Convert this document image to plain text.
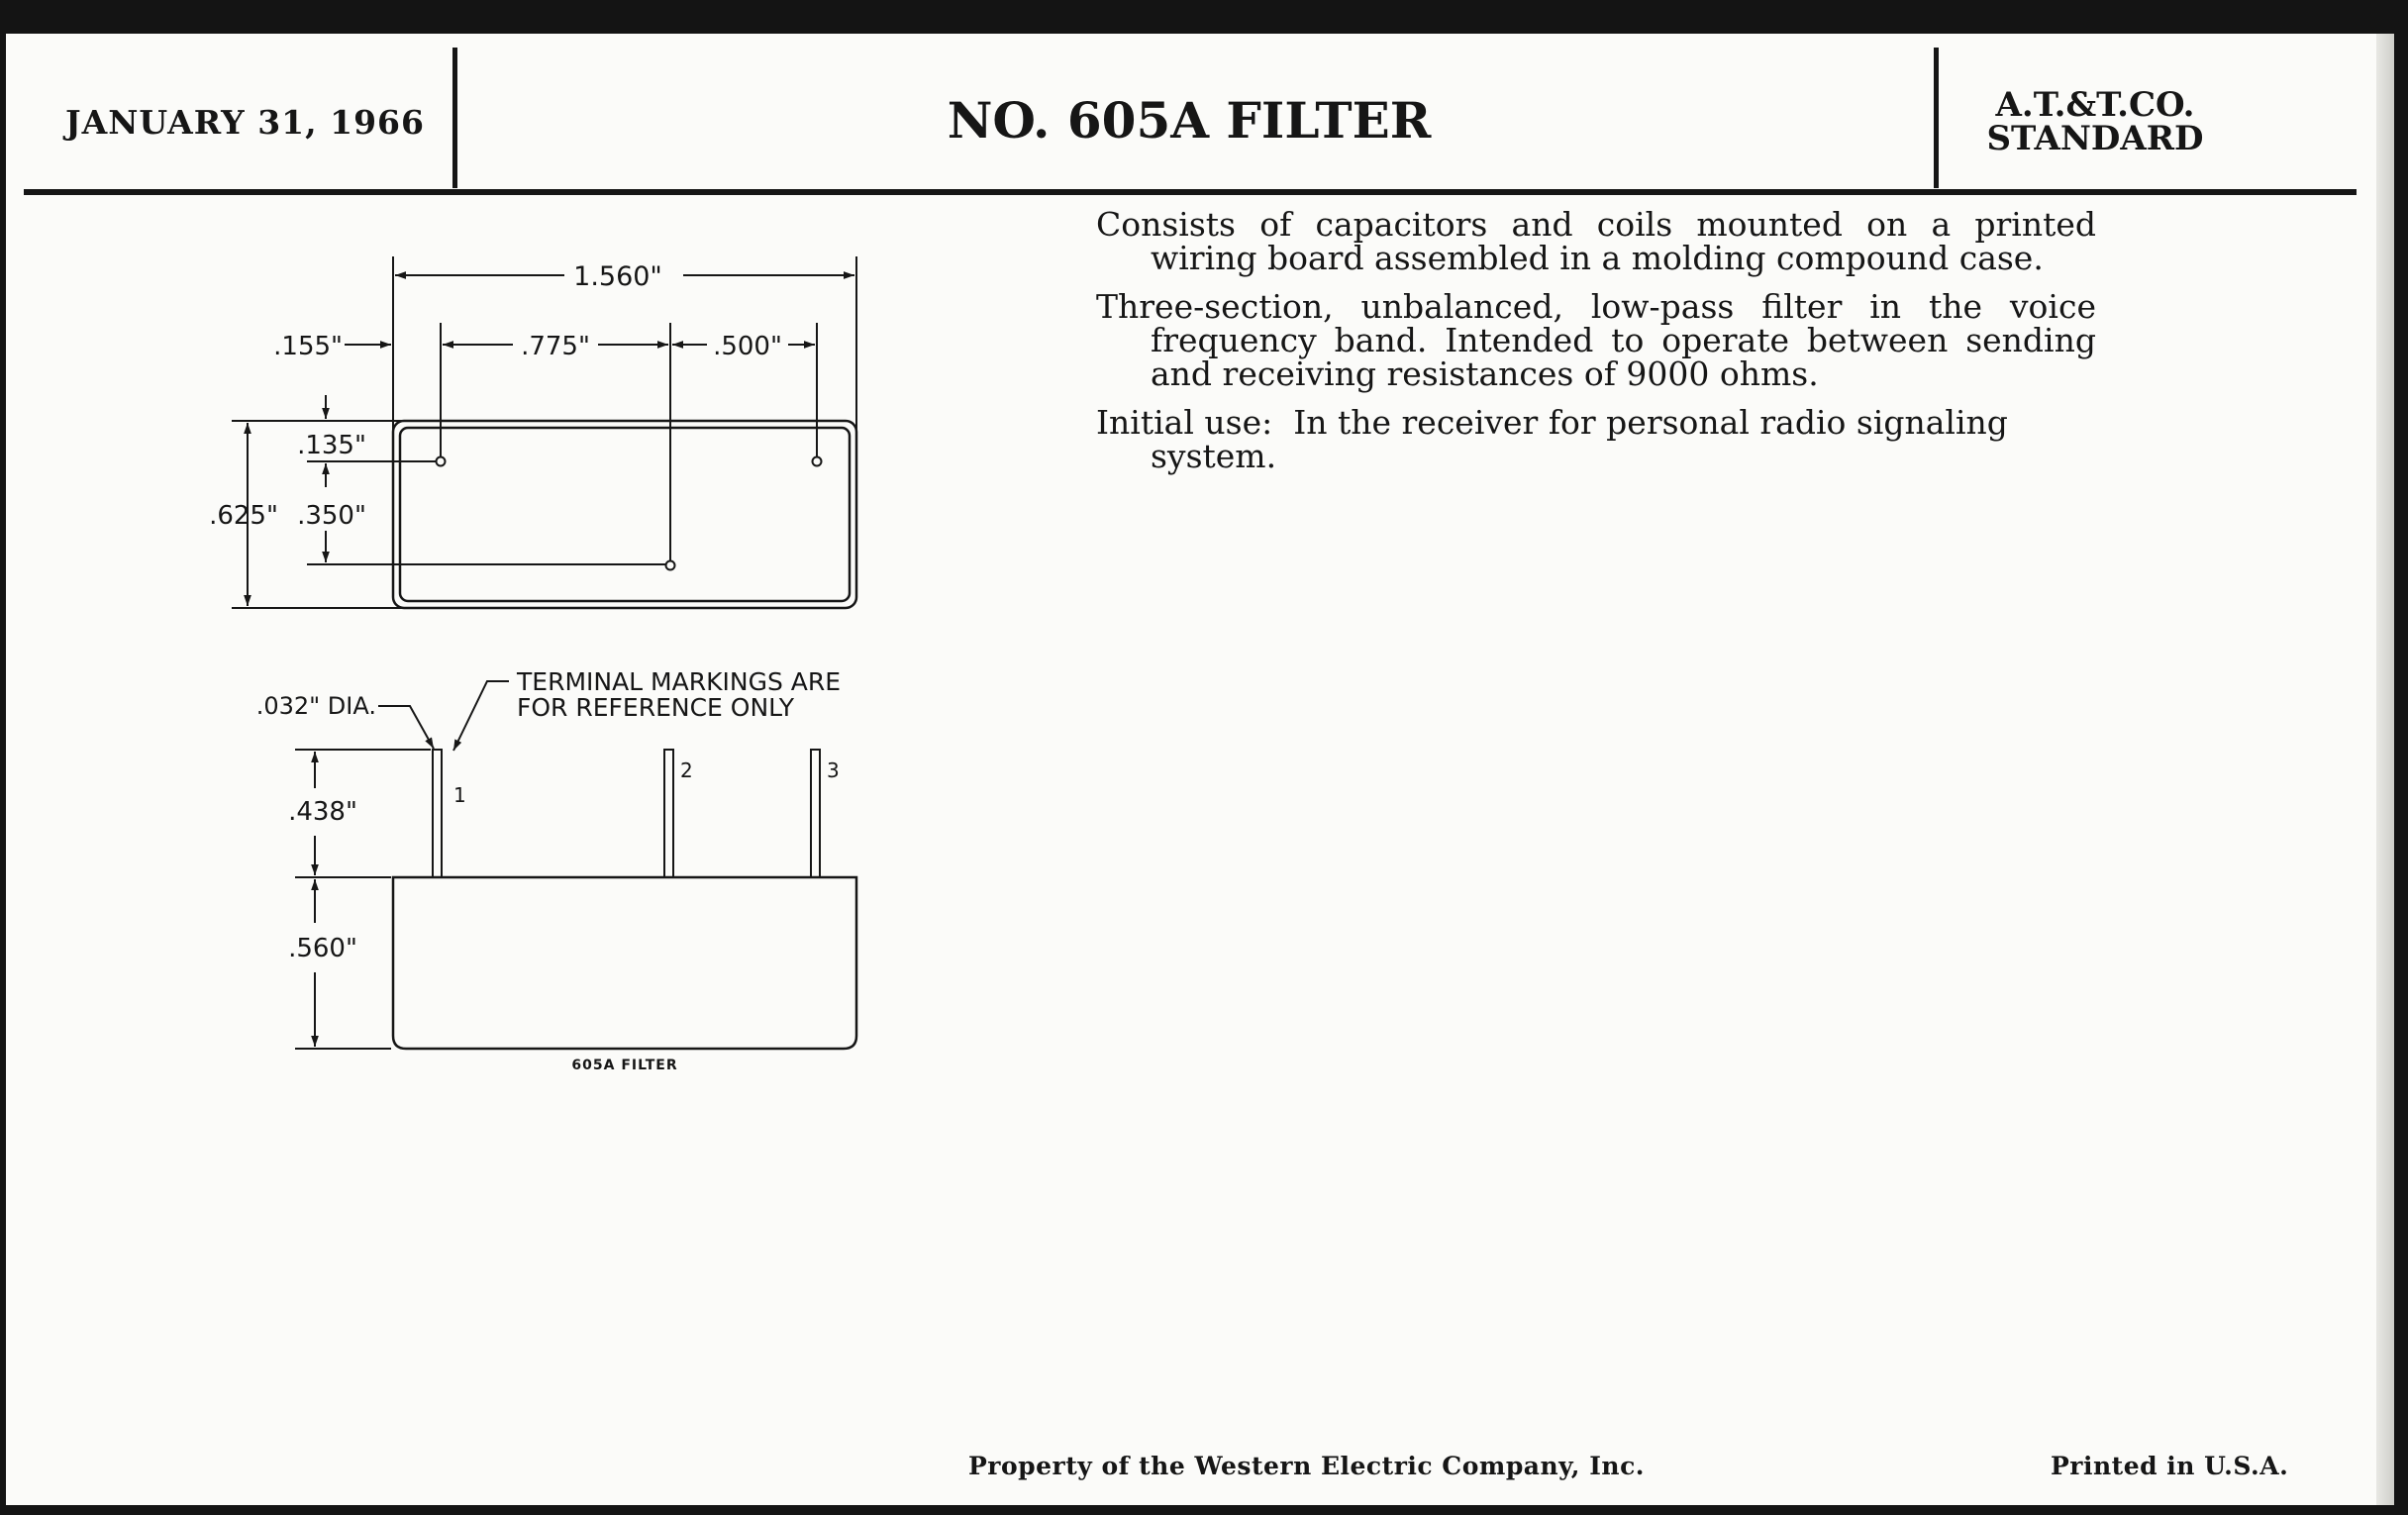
JANUARY 31, 1966	NO. 605A FILTER	A.T.&T.CO.
STANDARD

Consists of capacitors and coils mounted on a printed wiring board assembled in a molding compound case.

Three-section, unbalanced, low-pass filter in the voice frequency band. Intended to operate between sending and receiving resistances of 9000 ohms.

Initial use: In the receiver for personal radio signaling system.

1.560"
.155"	.775"	.500"
.135"
.350"
.625"
.032" DIA.
TERMINAL MARKINGS ARE
FOR REFERENCE ONLY
1
2	3
.438"
.560"
605A FILTER
Property of the Western Electric Company, Inc.	Printed in U.S.A.
